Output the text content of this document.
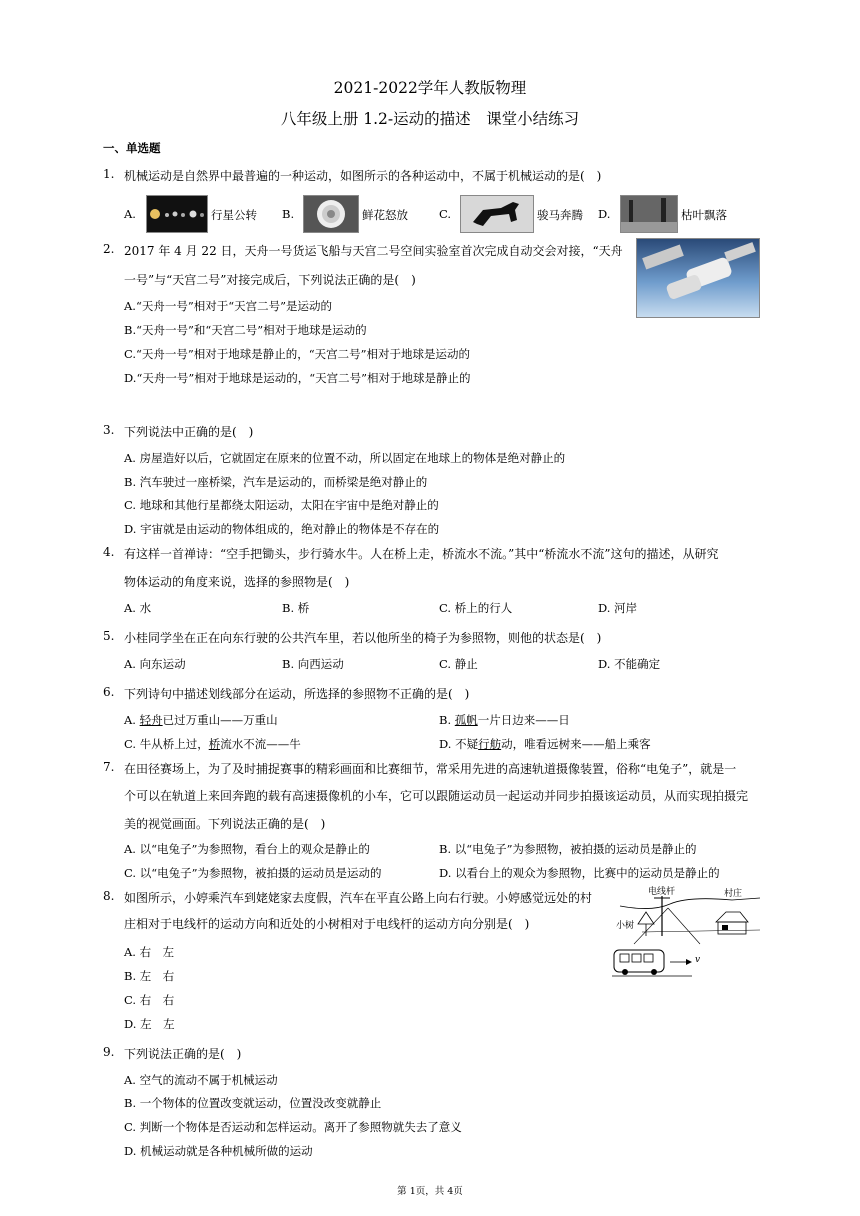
2021-2022学年人教版物理
八年级上册 1.2-运动的描述　课堂小结练习
一、单选题
1. 机械运动是自然界中最普遍的一种运动，如图所示的各种运动中，不属于机械运动的是(　)
A.	行星公转 B.	鲜花怒放	C.	骏马奔腾 D.	枯叶飘落
2. 2017 年 4 月 22 日，天舟一号货运飞船与天宫二号空间实验室首次完成自动交会对接，“天舟
一号”与“天宫二号”对接完成后，下列说法正确的是(　)
A.“天舟一号”相对于“天宫二号”是运动的
B.“天舟一号”和“天宫二号”相对于地球是运动的
C.“天舟一号”相对于地球是静止的，“天宫二号”相对于地球是运动的
D.“天舟一号”相对于地球是运动的，“天宫二号”相对于地球是静止的
3. 下列说法中正确的是(　)
A. 房屋造好以后，它就固定在原来的位置不动，所以固定在地球上的物体是绝对静止的
B. 汽车驶过一座桥梁，汽车是运动的，而桥梁是绝对静止的
C. 地球和其他行星都绕太阳运动，太阳在宇宙中是绝对静止的
D. 宇宙就是由运动的物体组成的，绝对静止的物体是不存在的
4. 有这样一首禅诗：“空手把锄头，步行骑水牛。人在桥上走，桥流水不流。”其中“桥流水不流”这句的描述，从研究
物体运动的角度来说，选择的参照物是(　)
A. 水	B. 桥	C. 桥上的行人	D. 河岸
5. 小桂同学坐在正在向东行驶的公共汽车里，若以他所坐的椅子为参照物，则他的状态是(　)
A. 向东运动	B. 向西运动	C. 静止	D. 不能确定
6. 下列诗句中描述划线部分在运动，所选择的参照物不正确的是(　)
A. 轻舟已过万重山——万重山	B. 孤帆一片日边来——日
C. 牛从桥上过，桥流水不流——牛	D. 不疑行舫动，唯看远树来——船上乘客
7. 在田径赛场上，为了及时捕捉赛事的精彩画面和比赛细节，常采用先进的高速轨道摄像装置，俗称“电兔子”，就是一
个可以在轨道上来回奔跑的载有高速摄像机的小车，它可以跟随运动员一起运动并同步拍摄该运动员，从而实现拍摄完
美的视觉画面。下列说法正确的是(　)
A. 以“电兔子”为参照物，看台上的观众是静止的	B. 以“电兔子”为参照物，被拍摄的运动员是静止的
C. 以“电兔子”为参照物，被拍摄的运动员是运动的	D. 以看台上的观众为参照物，比赛中的运动员是静止的
8. 如图所示，小婷乘汽车到姥姥家去度假，汽车在平直公路上向右行驶。小婷感觉远处的村
庄相对于电线杆的运动方向和近处的小树相对于电线杆的运动方向分别是(　)
A. 右　左
B. 左　右
C. 右　右
D. 左　左
电线杆	村庄
小树
v
9. 下列说法正确的是(　)
A. 空气的流动不属于机械运动
B. 一个物体的位置改变就运动，位置没改变就静止
C. 判断一个物体是否运动和怎样运动。离开了参照物就失去了意义
D. 机械运动就是各种机械所做的运动
第 1页，共 4页
